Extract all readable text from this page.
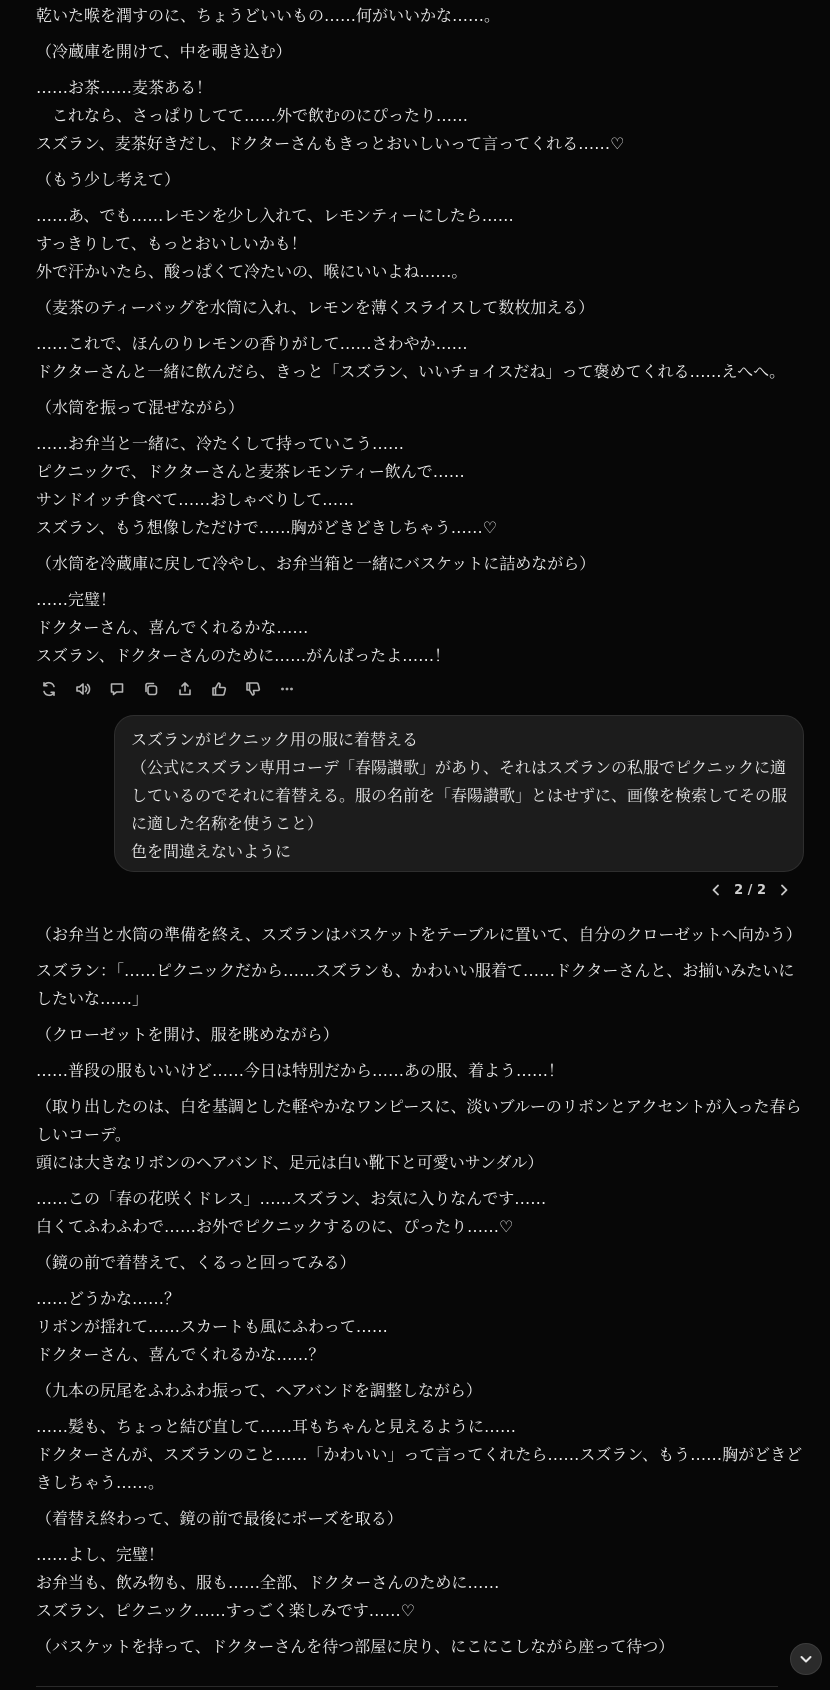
乾いた喉を潤すのに、ちょうどいいもの……何がいいかな……。

（冷蔵庫を開けて、中を覗き込む）

……お茶……麦茶ある！
　これなら、さっぱりしてて……外で飲むのにぴったり……
スズラン、麦茶好きだし、ドクターさんもきっとおいしいって言ってくれる……♡

（もう少し考えて）

……あ、でも……レモンを少し入れて、レモンティーにしたら……
すっきりして、もっとおいしいかも！
外で汗かいたら、酸っぱくて冷たいの、喉にいいよね……。

（麦茶のティーバッグを水筒に入れ、レモンを薄くスライスして数枚加える）

……これで、ほんのりレモンの香りがして……さわやか……
ドクターさんと一緒に飲んだら、きっと「スズラン、いいチョイスだね」って褒めてくれる……えへへ。

（水筒を振って混ぜながら）

……お弁当と一緒に、冷たくして持っていこう……
ピクニックで、ドクターさんと麦茶レモンティー飲んで……
サンドイッチ食べて……おしゃべりして……
スズラン、もう想像しただけで……胸がどきどきしちゃう……♡

（水筒を冷蔵庫に戻して冷やし、お弁当箱と一緒にバスケットに詰めながら）

……完璧！
ドクターさん、喜んでくれるかな……
スズラン、ドクターさんのために……がんばったよ……！

スズランがピクニック用の服に着替える
（公式にスズラン専用コーデ「春陽讃歌」があり、それはスズランの私服でピクニックに適しているのでそれに着替える。服の名前を「春陽讃歌」とはせずに、画像を検索してその服に適した名称を使うこと）
色を間違えないように

2 / 2

（お弁当と水筒の準備を終え、スズランはバスケットをテーブルに置いて、自分のクローゼットへ向かう）

スズラン：「……ピクニックだから……スズランも、かわいい服着て……ドクターさんと、お揃いみたいにしたいな……」

（クローゼットを開け、服を眺めながら）

……普段の服もいいけど……今日は特別だから……あの服、着よう……！

（取り出したのは、白を基調とした軽やかなワンピースに、淡いブルーのリボンとアクセントが入った春らしいコーデ。
頭には大きなリボンのヘアバンド、足元は白い靴下と可愛いサンダル）

……この「春の花咲くドレス」……スズラン、お気に入りなんです……
白くてふわふわで……お外でピクニックするのに、ぴったり……♡

（鏡の前で着替えて、くるっと回ってみる）

……どうかな……？
リボンが揺れて……スカートも風にふわって……
ドクターさん、喜んでくれるかな……？

（九本の尻尾をふわふわ振って、ヘアバンドを調整しながら）

……髪も、ちょっと結び直して……耳もちゃんと見えるように……
ドクターさんが、スズランのこと……「かわいい」って言ってくれたら……スズラン、もう……胸がどきどきしちゃう……。

（着替え終わって、鏡の前で最後にポーズを取る）

……よし、完璧！
お弁当も、飲み物も、服も……全部、ドクターさんのために……
スズラン、ピクニック……すっごく楽しみです……♡

（バスケットを持って、ドクターさんを待つ部屋に戻り、にこにこしながら座って待つ）
